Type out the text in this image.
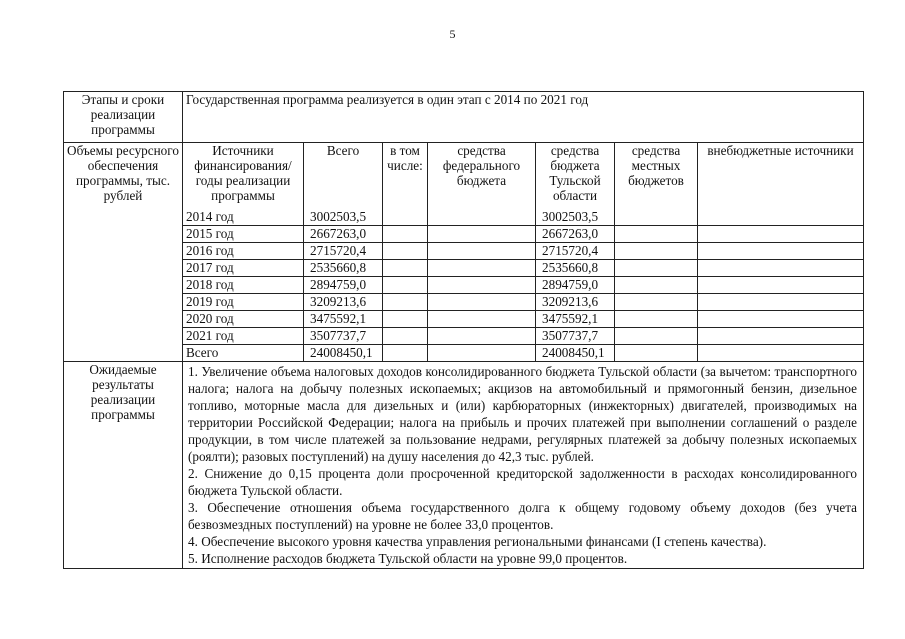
5
Этапы и сроки реализации программы	Государственная программа реализуется в один этап с 2014 по 2021 год
Объемы ресурсного обеспечения программы, тыс. рублей	
Источники финансирования/ годы реализации программы	Всего	в том числе:	средства федерального бюджета	средства бюджета Тульской области	средства местных бюджетов	внебюджетные источники
2014 год	3002503,5			3002503,5		
2015 год	2667263,0			2667263,0		
2016 год	2715720,4			2715720,4		
2017 год	2535660,8			2535660,8		
2018 год	2894759,0			2894759,0		
2019 год	3209213,6			3209213,6		
2020 год	3475592,1			3475592,1		
2021 год	3507737,7			3507737,7		
Всего	24008450,1			24008450,1		

Ожидаемые результаты реализации программы	

1. Увеличение объема налоговых доходов консолидированного бюджета Тульской области (за вычетом: транспортного налога; налога на добычу полезных ископаемых; акцизов на автомобильный и прямогонный бензин, дизельное топливо, моторные масла для дизельных и (или) карбюраторных (инжекторных) двигателей, производимых на территории Российской Федерации; налога на прибыль и прочих платежей при выполнении соглашений о разделе продукции, в том числе платежей за пользование недрами, регулярных платежей за добычу полезных ископаемых (роялти); разовых поступлений) на душу населения до 42,3 тыс. рублей.

2. Снижение до 0,15 процента доли просроченной кредиторской задолженности в расходах консолидированного бюджета Тульской области.

3. Обеспечение отношения объема государственного долга к общему годовому объему доходов (без учета безвозмездных поступлений) на уровне не более 33,0 процентов.

4. Обеспечение высокого уровня качества управления региональными финансами (I степень качества).

5. Исполнение расходов бюджета Тульской области на уровне 99,0 процентов.
